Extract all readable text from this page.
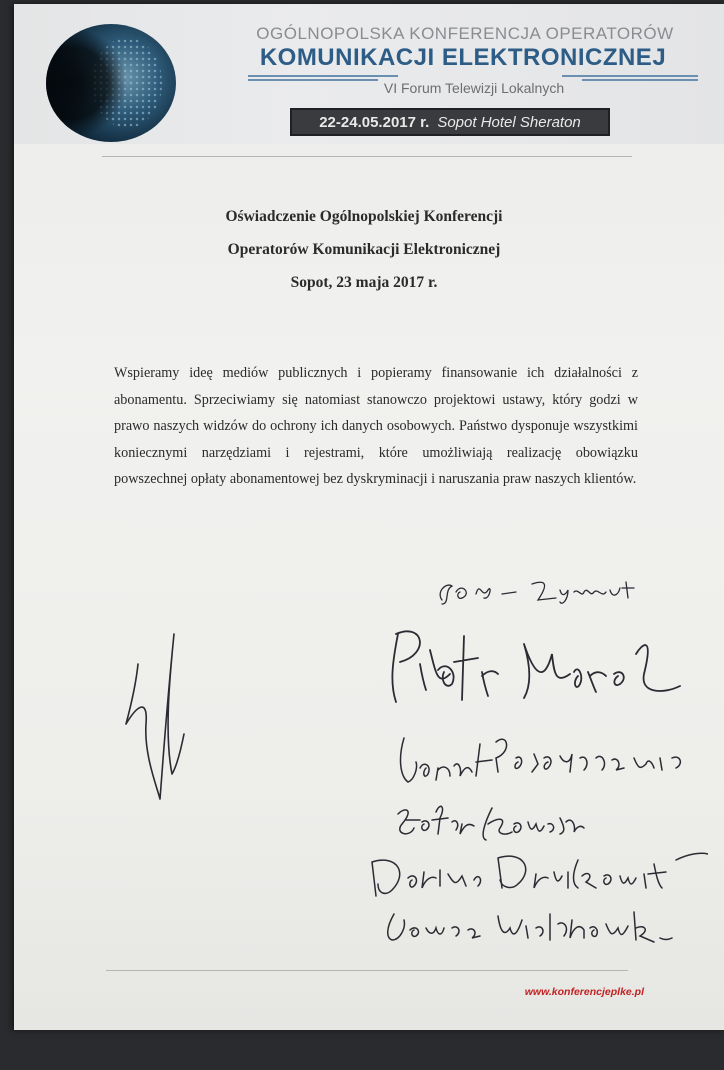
OGÓLNOPOLSKA KONFERENCJA OPERATORÓW
KOMUNIKACJI ELEKTRONICZNEJ
VI Forum Telewizji Lokalnych
22-24.05.2017 r. Sopot Hotel Sheraton
Oświadczenie Ogólnopolskiej Konferencji
Operatorów Komunikacji Elektronicznej
Sopot, 23 maja 2017 r.
Wspieramy ideę mediów publicznych i popieramy finansowanie ich działalności z abonamentu. Sprzeciwiamy się natomiast stanowczo projektowi ustawy, który godzi w prawo naszych widzów do ochrony ich danych osobowych. Państwo dysponuje wszystkimi koniecznymi narzędziami i rejestrami, które umożliwiają realizację obowiązku powszechnej opłaty abonamentowej bez dyskryminacji i naruszania praw naszych klientów.
www.konferencjeplke.pl
